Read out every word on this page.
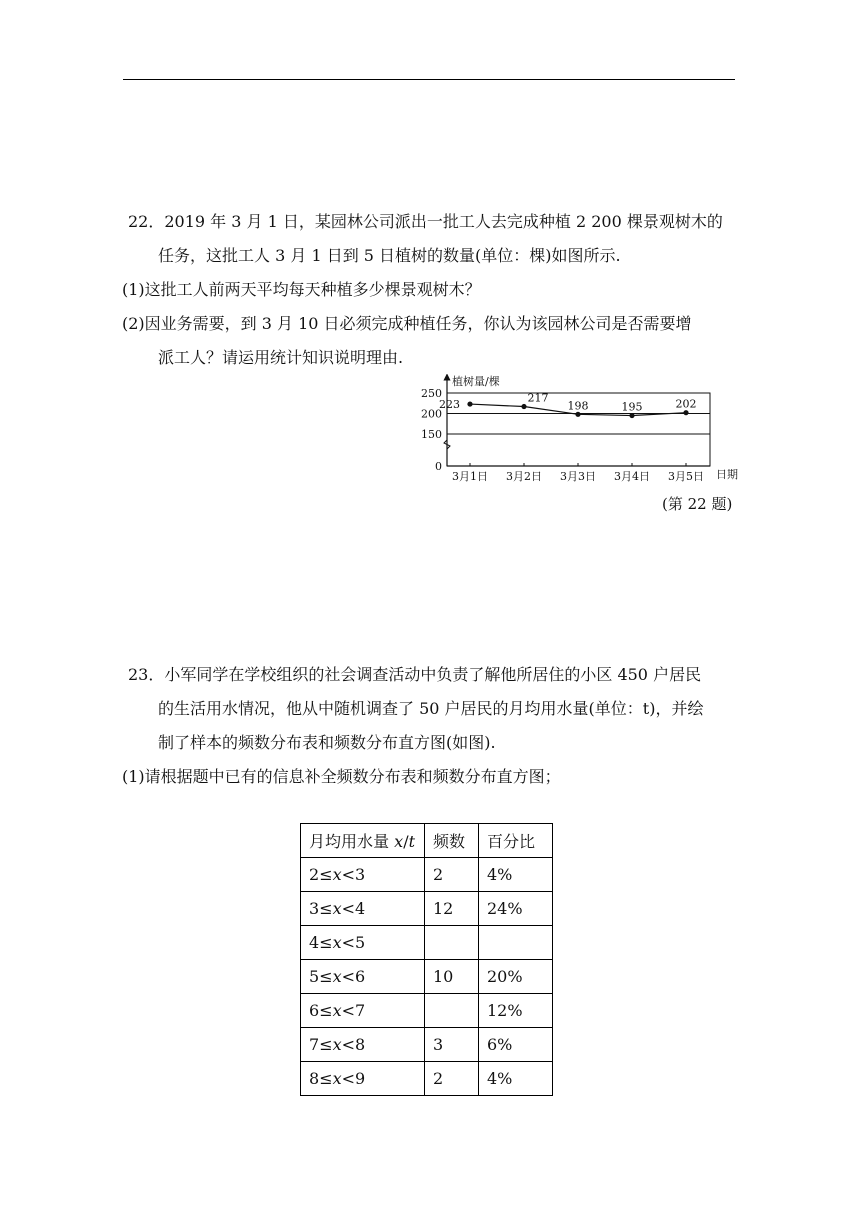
22．2019 年 3 月 1 日，某园林公司派出一批工人去完成种植 2 200 棵景观树木的
任务，这批工人 3 月 1 日到 5 日植树的数量(单位：棵)如图所示.
(1)这批工人前两天平均每天种植多少棵景观树木？
(2)因业务需要，到 3 月 10 日必须完成种植任务，你认为该园林公司是否需要增
派工人？请运用统计知识说明理由.
0
150
200
250
3月1日 3月2日 3月3日 3月4日 3月5日
223
217
198	195	202
植树量/棵
日期
(第 22 题)
23．小军同学在学校组织的社会调查活动中负责了解他所居住的小区 450 户居民
的生活用水情况，他从中随机调查了 50 户居民的月均用水量(单位：t)，并绘
制了样本的频数分布表和频数分布直方图(如图).
(1)请根据题中已有的信息补全频数分布表和频数分布直方图；
月均用水量 x/t	频数	百分比
2≤x<3	2	4%
3≤x<4	12	24%
4≤x<5		
5≤x<6	10	20%
6≤x<7		12%
7≤x<8	3	6%
8≤x<9	2	4%
